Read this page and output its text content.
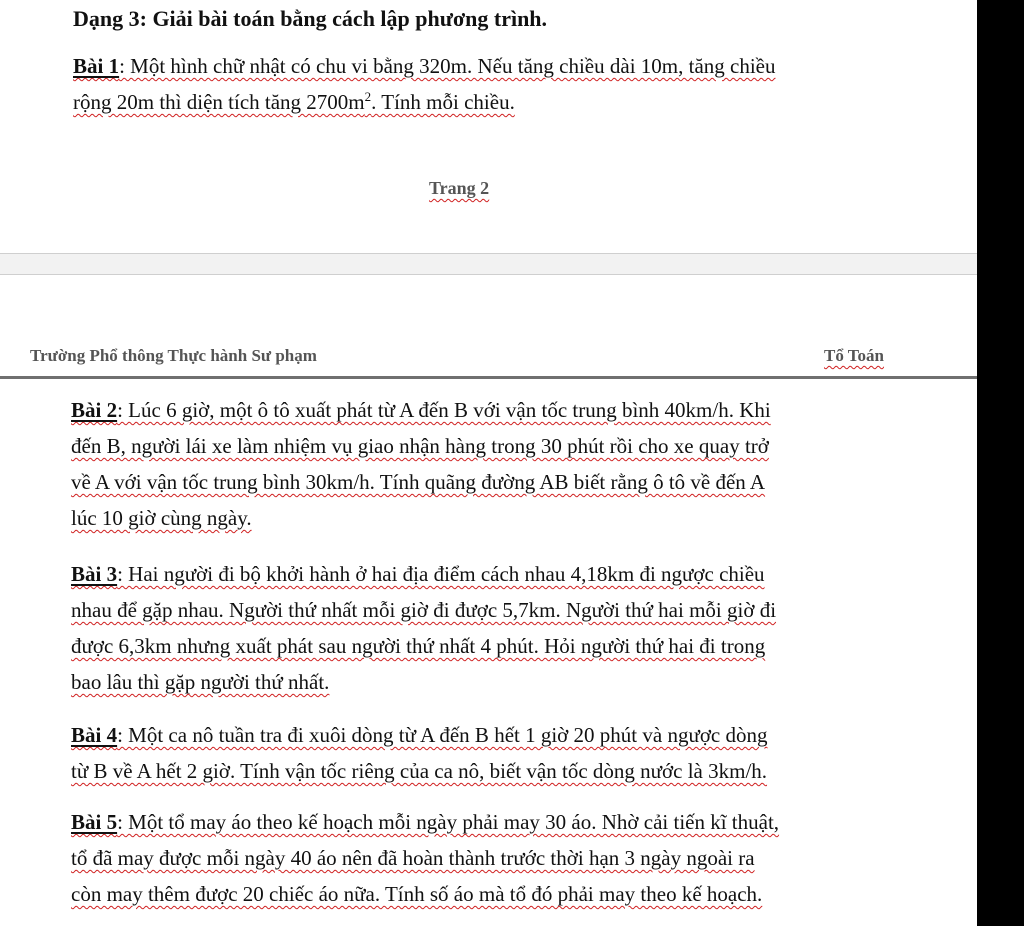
Dạng 3: Giải bài toán bằng cách lập phương trình.

Bài 1: Một hình chữ nhật có chu vi bằng 320m. Nếu tăng chiều dài 10m, tăng chiều
rộng 20m thì diện tích tăng $2700m^2$. Tính mỗi chiều.

Trang 2
Trường Phổ thông Thực hành Sư phạm	Tổ Toán

Bài 2: Lúc 6 giờ, một ô tô xuất phát từ A đến B với vận tốc trung bình 40km/h. Khi
đến B, người lái xe làm nhiệm vụ giao nhận hàng trong 30 phút rồi cho xe quay trở
về A với vận tốc trung bình 30km/h. Tính quãng đường AB biết rằng ô tô về đến A
lúc 10 giờ cùng ngày.

Bài 3: Hai người đi bộ khởi hành ở hai địa điểm cách nhau 4,18km đi ngược chiều
nhau để gặp nhau. Người thứ nhất mỗi giờ đi được 5,7km. Người thứ hai mỗi giờ đi
được 6,3km nhưng xuất phát sau người thứ nhất 4 phút. Hỏi người thứ hai đi trong
bao lâu thì gặp người thứ nhất.

Bài 4: Một ca nô tuần tra đi xuôi dòng từ A đến B hết 1 giờ 20 phút và ngược dòng
từ B về A hết 2 giờ. Tính vận tốc riêng của ca nô, biết vận tốc dòng nước là 3km/h.

Bài 5: Một tổ may áo theo kế hoạch mỗi ngày phải may 30 áo. Nhờ cải tiến kĩ thuật,
tổ đã may được mỗi ngày 40 áo nên đã hoàn thành trước thời hạn 3 ngày ngoài ra
còn may thêm được 20 chiếc áo nữa. Tính số áo mà tổ đó phải may theo kế hoạch.
